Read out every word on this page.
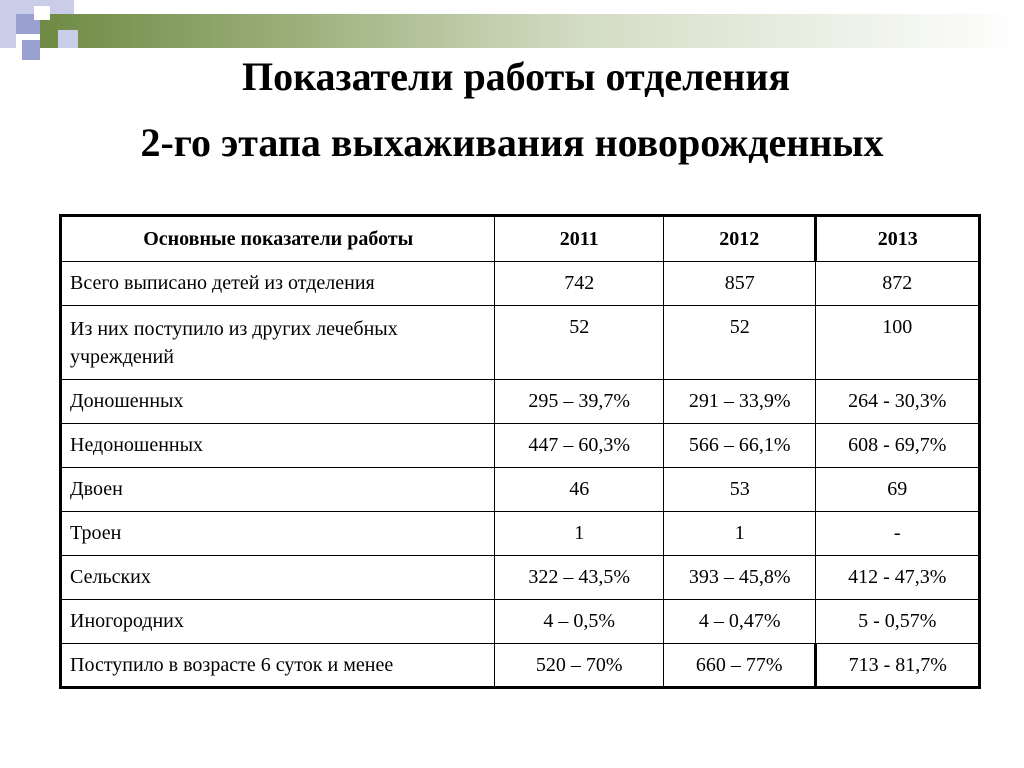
Показатели работы отделения
2-го этапа выхаживания новорожденных
Основные показатели работы	2011	2012	2013
Всего выписано детей из отделения	742	857	872
Из них поступило из других лечебных учреждений	52	52	100
Доношенных	295 – 39,7%	291 – 33,9%	264 - 30,3%
Недоношенных	447 – 60,3%	566 – 66,1%	608 - 69,7%
Двоен	46	53	69
Троен	1	1	-
Сельских	322 – 43,5%	393 – 45,8%	412 - 47,3%
Иногородних	4 – 0,5%	4 – 0,47%	5 - 0,57%
Поступило в возрасте 6 суток и менее	520 – 70%	660 – 77%	713 - 81,7%
